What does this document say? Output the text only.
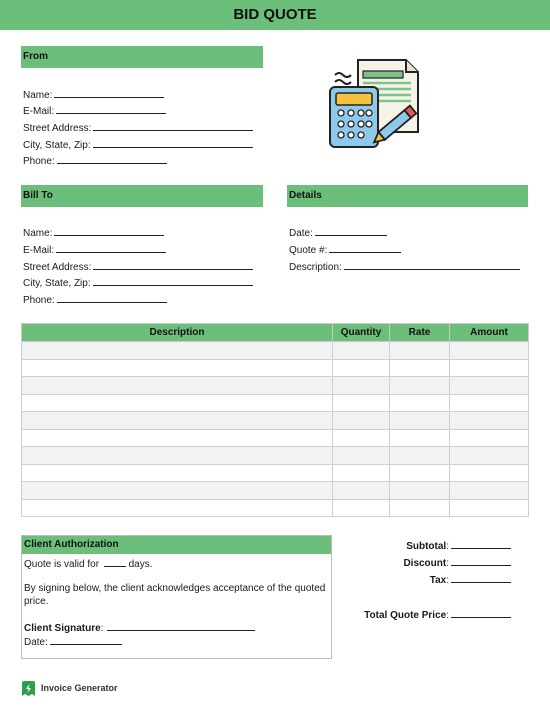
BID QUOTE
From
Name:
E-Mail:
Street Address:
City, State, Zip:
Phone:
Bill To
Name:
E-Mail:
Street Address:
City, State, Zip:
Phone:
Details
Date:
Quote #:
Description:
Description	Quantity	Rate	Amount

Client Authorization
Quote is valid for	days.
By signing below, the client acknowledges acceptance of the quoted price.
Client Signature:
Date:
Subtotal:
Discount:
Tax:
Total Quote Price:
Invoice Generator
